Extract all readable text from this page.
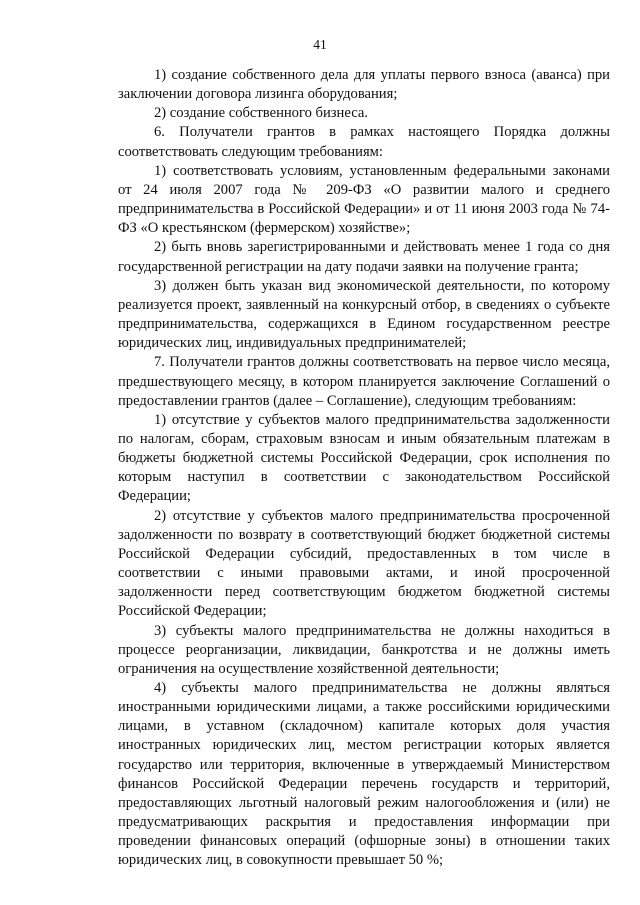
41

1) создание собственного дела для уплаты первого взноса (аванса) при заключении договора лизинга оборудования;

2) создание собственного бизнеса.

6. Получатели грантов в рамках настоящего Порядка должны соответствовать следующим требованиям:

1) соответствовать условиям, установленным федеральными законами от 24 июля 2007 года № 209-ФЗ «О развитии малого и среднего предпринимательства в Российской Федерации» и от 11 июня 2003 года № 74-ФЗ «О крестьянском (фермерском) хозяйстве»;

2) быть вновь зарегистрированными и действовать менее 1 года со дня государственной регистрации на дату подачи заявки на получение гранта;

3) должен быть указан вид экономической деятельности, по которому реализуется проект, заявленный на конкурсный отбор, в сведениях о субъекте предпринимательства, содержащихся в Едином государственном реестре юридических лиц, индивидуальных предпринимателей;

7. Получатели грантов должны соответствовать на первое число месяца, предшествующего месяцу, в котором планируется заключение Соглашений о предоставлении грантов (далее – Соглашение), следующим требованиям:

1) отсутствие у субъектов малого предпринимательства задолженности по налогам, сборам, страховым взносам и иным обязательным платежам в бюджеты бюджетной системы Российской Федерации, срок исполнения по которым наступил в соответствии с законодательством Российской Федерации;

2) отсутствие у субъектов малого предпринимательства просроченной задолженности по возврату в соответствующий бюджет бюджетной системы Российской Федерации субсидий, предоставленных в том числе в соответствии с иными правовыми актами, и иной просроченной задолженности перед соответствующим бюджетом бюджетной системы Российской Федерации;

3) субъекты малого предпринимательства не должны находиться в процессе реорганизации, ликвидации, банкротства и не должны иметь ограничения на осуществление хозяйственной деятельности;

4) субъекты малого предпринимательства не должны являться иностранными юридическими лицами, а также российскими юридическими лицами, в уставном (складочном) капитале которых доля участия иностранных юридических лиц, местом регистрации которых является государство или территория, включенные в утверждаемый Министерством финансов Российской Федерации перечень государств и территорий, предоставляющих льготный налоговый режим налогообложения и (или) не предусматривающих раскрытия и предоставления информации при проведении финансовых операций (офшорные зоны) в отношении таких юридических лиц, в совокупности превышает 50 %;
